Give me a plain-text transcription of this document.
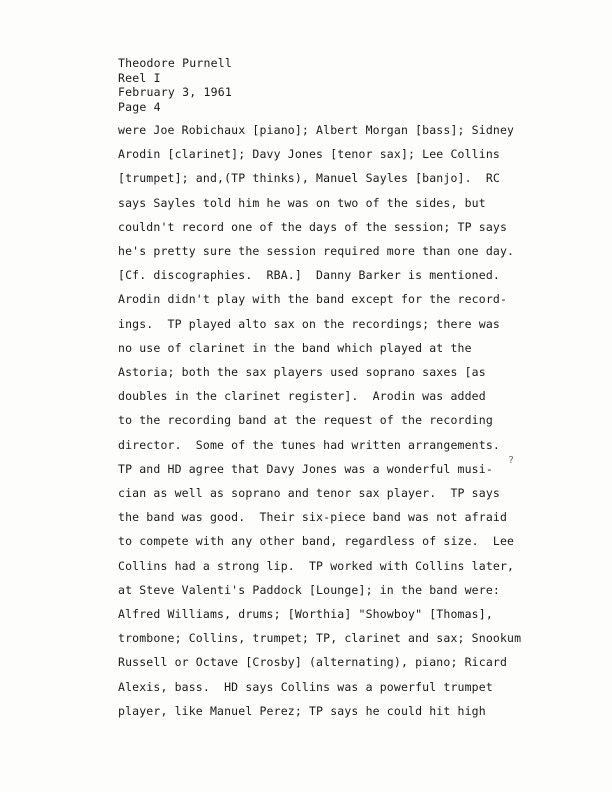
Theodore Purnell
Reel I
February 3, 1961
Page 4
were Joe Robichaux [piano]; Albert Morgan [bass]; Sidney
Arodin [clarinet]; Davy Jones [tenor sax]; Lee Collins
[trumpet]; and,(TP thinks), Manuel Sayles [banjo].  RC
says Sayles told him he was on two of the sides, but
couldn't record one of the days of the session; TP says
he's pretty sure the session required more than one day.
[Cf. discographies.  RBA.]  Danny Barker is mentioned.
Arodin didn't play with the band except for the record-
ings.  TP played alto sax on the recordings; there was
no use of clarinet in the band which played at the
Astoria; both the sax players used soprano saxes [as
doubles in the clarinet register].  Arodin was added
to the recording band at the request of the recording
director.  Some of the tunes had written arrangements.
TP and HD agree that Davy Jones was a wonderful musi-
cian as well as soprano and tenor sax player.  TP says
the band was good.  Their six-piece band was not afraid
to compete with any other band, regardless of size.  Lee
Collins had a strong lip.  TP worked with Collins later,
at Steve Valenti's Paddock [Lounge]; in the band were:
Alfred Williams, drums; [Worthia] "Showboy" [Thomas],
trombone; Collins, trumpet; TP, clarinet and sax; Snookum
Russell or Octave [Crosby] (alternating), piano; Ricard
Alexis, bass.  HD says Collins was a powerful trumpet
player, like Manuel Perez; TP says he could hit high
?
